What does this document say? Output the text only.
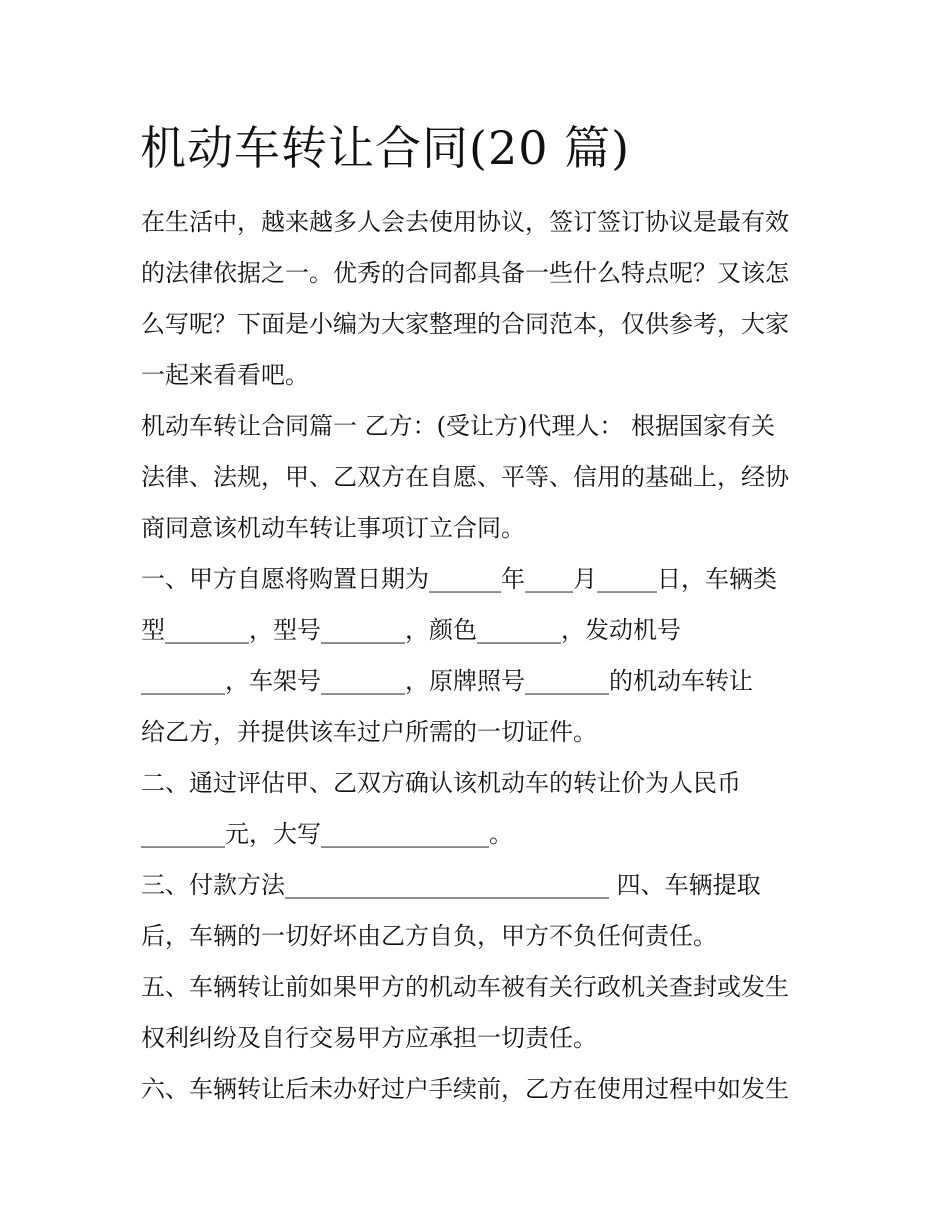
机动车转让合同(20 篇)
在生活中，越来越多人会去使用协议，签订签订协议是最有效
的法律依据之一。优秀的合同都具备一些什么特点呢？又该怎
么写呢？下面是小编为大家整理的合同范本，仅供参考，大家
一起来看看吧。
机动车转让合同篇一 乙方：(受让方)代理人： 根据国家有关
法律、法规，甲、乙双方在自愿、平等、信用的基础上，经协
商同意该机动车转让事项订立合同。
一、甲方自愿将购置日期为______年____月_____日，车辆类
型_______，型号_______，颜色_______，发动机号
_______，车架号_______，原牌照号_______的机动车转让
给乙方，并提供该车过户所需的一切证件。
二、通过评估甲、乙双方确认该机动车的转让价为人民币
_______元，大写______________。
三、付款方法___________________________ 四、车辆提取
后，车辆的一切好坏由乙方自负，甲方不负任何责任。
五、车辆转让前如果甲方的机动车被有关行政机关查封或发生
权利纠纷及自行交易甲方应承担一切责任。
六、车辆转让后未办好过户手续前，乙方在使用过程中如发生
